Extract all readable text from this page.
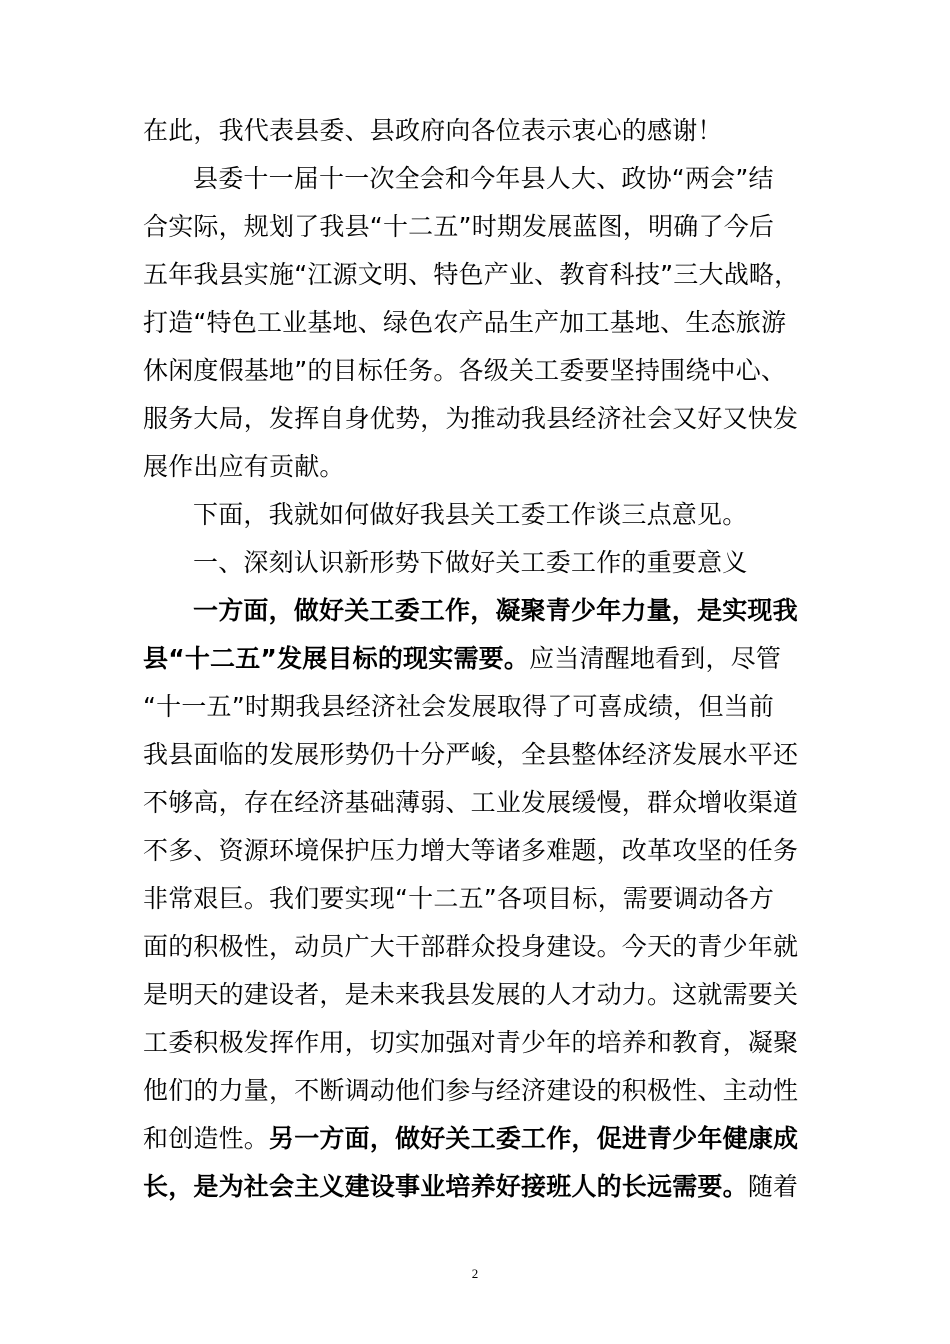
在此，我代表县委、县政府向各位表示衷心的感谢！
县委十一届十一次全会和今年县人大、政协“两会”结
合实际，规划了我县“十二五”时期发展蓝图，明确了今后
五年我县实施“江源文明、特色产业、教育科技”三大战略，
打造“特色工业基地、绿色农产品生产加工基地、生态旅游
休闲度假基地”的目标任务。各级关工委要坚持围绕中心、
服务大局，发挥自身优势，为推动我县经济社会又好又快发
展作出应有贡献。
下面，我就如何做好我县关工委工作谈三点意见。
一、深刻认识新形势下做好关工委工作的重要意义
一方面，做好关工委工作，凝聚青少年力量，是实现我
县“十二五”发展目标的现实需要。应当清醒地看到，尽管
“十一五”时期我县经济社会发展取得了可喜成绩，但当前
我县面临的发展形势仍十分严峻，全县整体经济发展水平还
不够高，存在经济基础薄弱、工业发展缓慢，群众增收渠道
不多、资源环境保护压力增大等诸多难题，改革攻坚的任务
非常艰巨。我们要实现“十二五”各项目标，需要调动各方
面的积极性，动员广大干部群众投身建设。今天的青少年就
是明天的建设者，是未来我县发展的人才动力。这就需要关
工委积极发挥作用，切实加强对青少年的培养和教育，凝聚
他们的力量，不断调动他们参与经济建设的积极性、主动性
和创造性。另一方面，做好关工委工作，促进青少年健康成
长，是为社会主义建设事业培养好接班人的长远需要。随着
2
